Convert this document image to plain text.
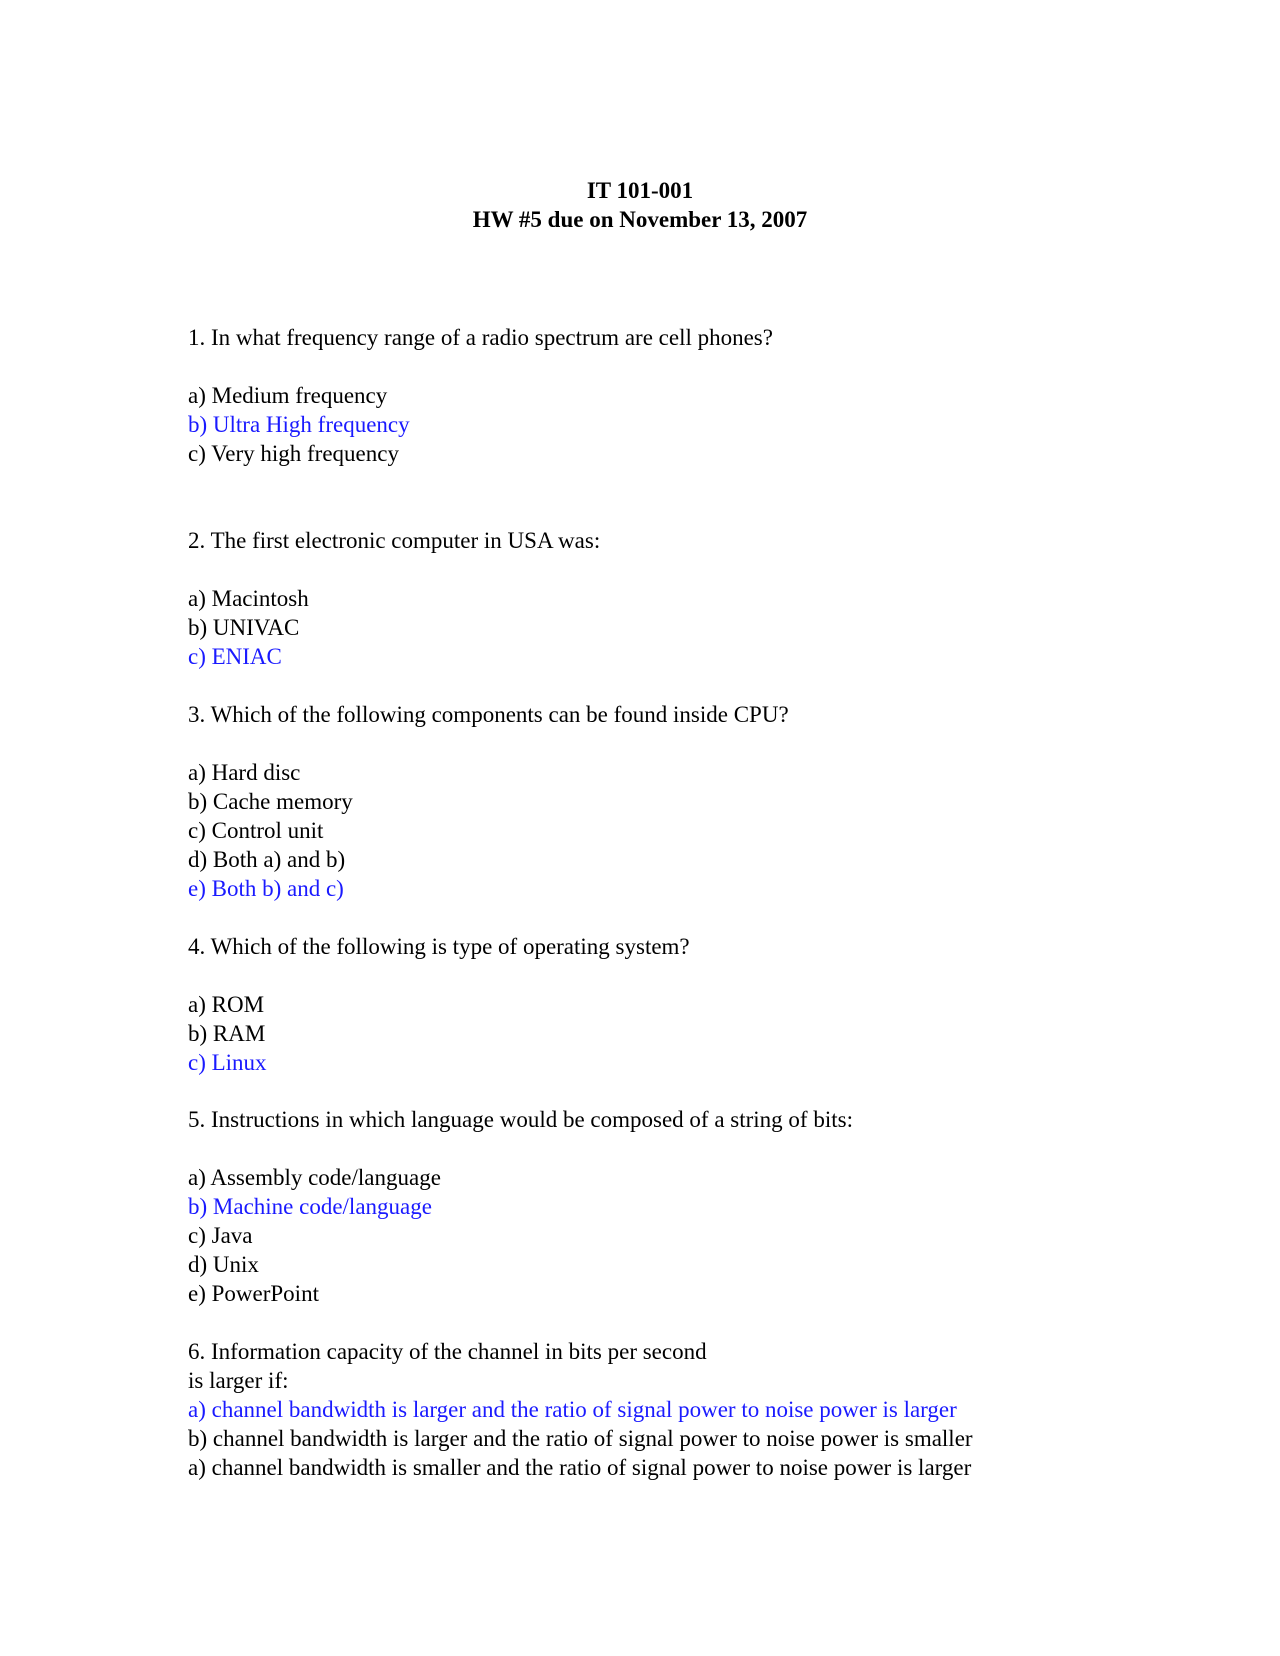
IT 101-001
HW #5 due on November 13, 2007
1. In what frequency range of a radio spectrum are cell phones?
a) Medium frequency
b) Ultra High frequency
c) Very high frequency
2. The first electronic computer in USA was:
a) Macintosh
b) UNIVAC
c) ENIAC
3. Which of the following components can be found inside CPU?
a) Hard disc
b) Cache memory
c) Control unit
d) Both a) and b)
e) Both b) and c)
4. Which of the following is type of operating system?
a) ROM
b) RAM
c) Linux
5. Instructions in which language would be composed of a string of bits:
a) Assembly code/language
b) Machine code/language
c) Java
d) Unix
e) PowerPoint
6. Information capacity of the channel in bits per second
is larger if:
a) channel bandwidth is larger and the ratio of signal power to noise power is larger
b) channel bandwidth is larger and the ratio of signal power to noise power is smaller
a) channel bandwidth is smaller and the ratio of signal power to noise power is larger
